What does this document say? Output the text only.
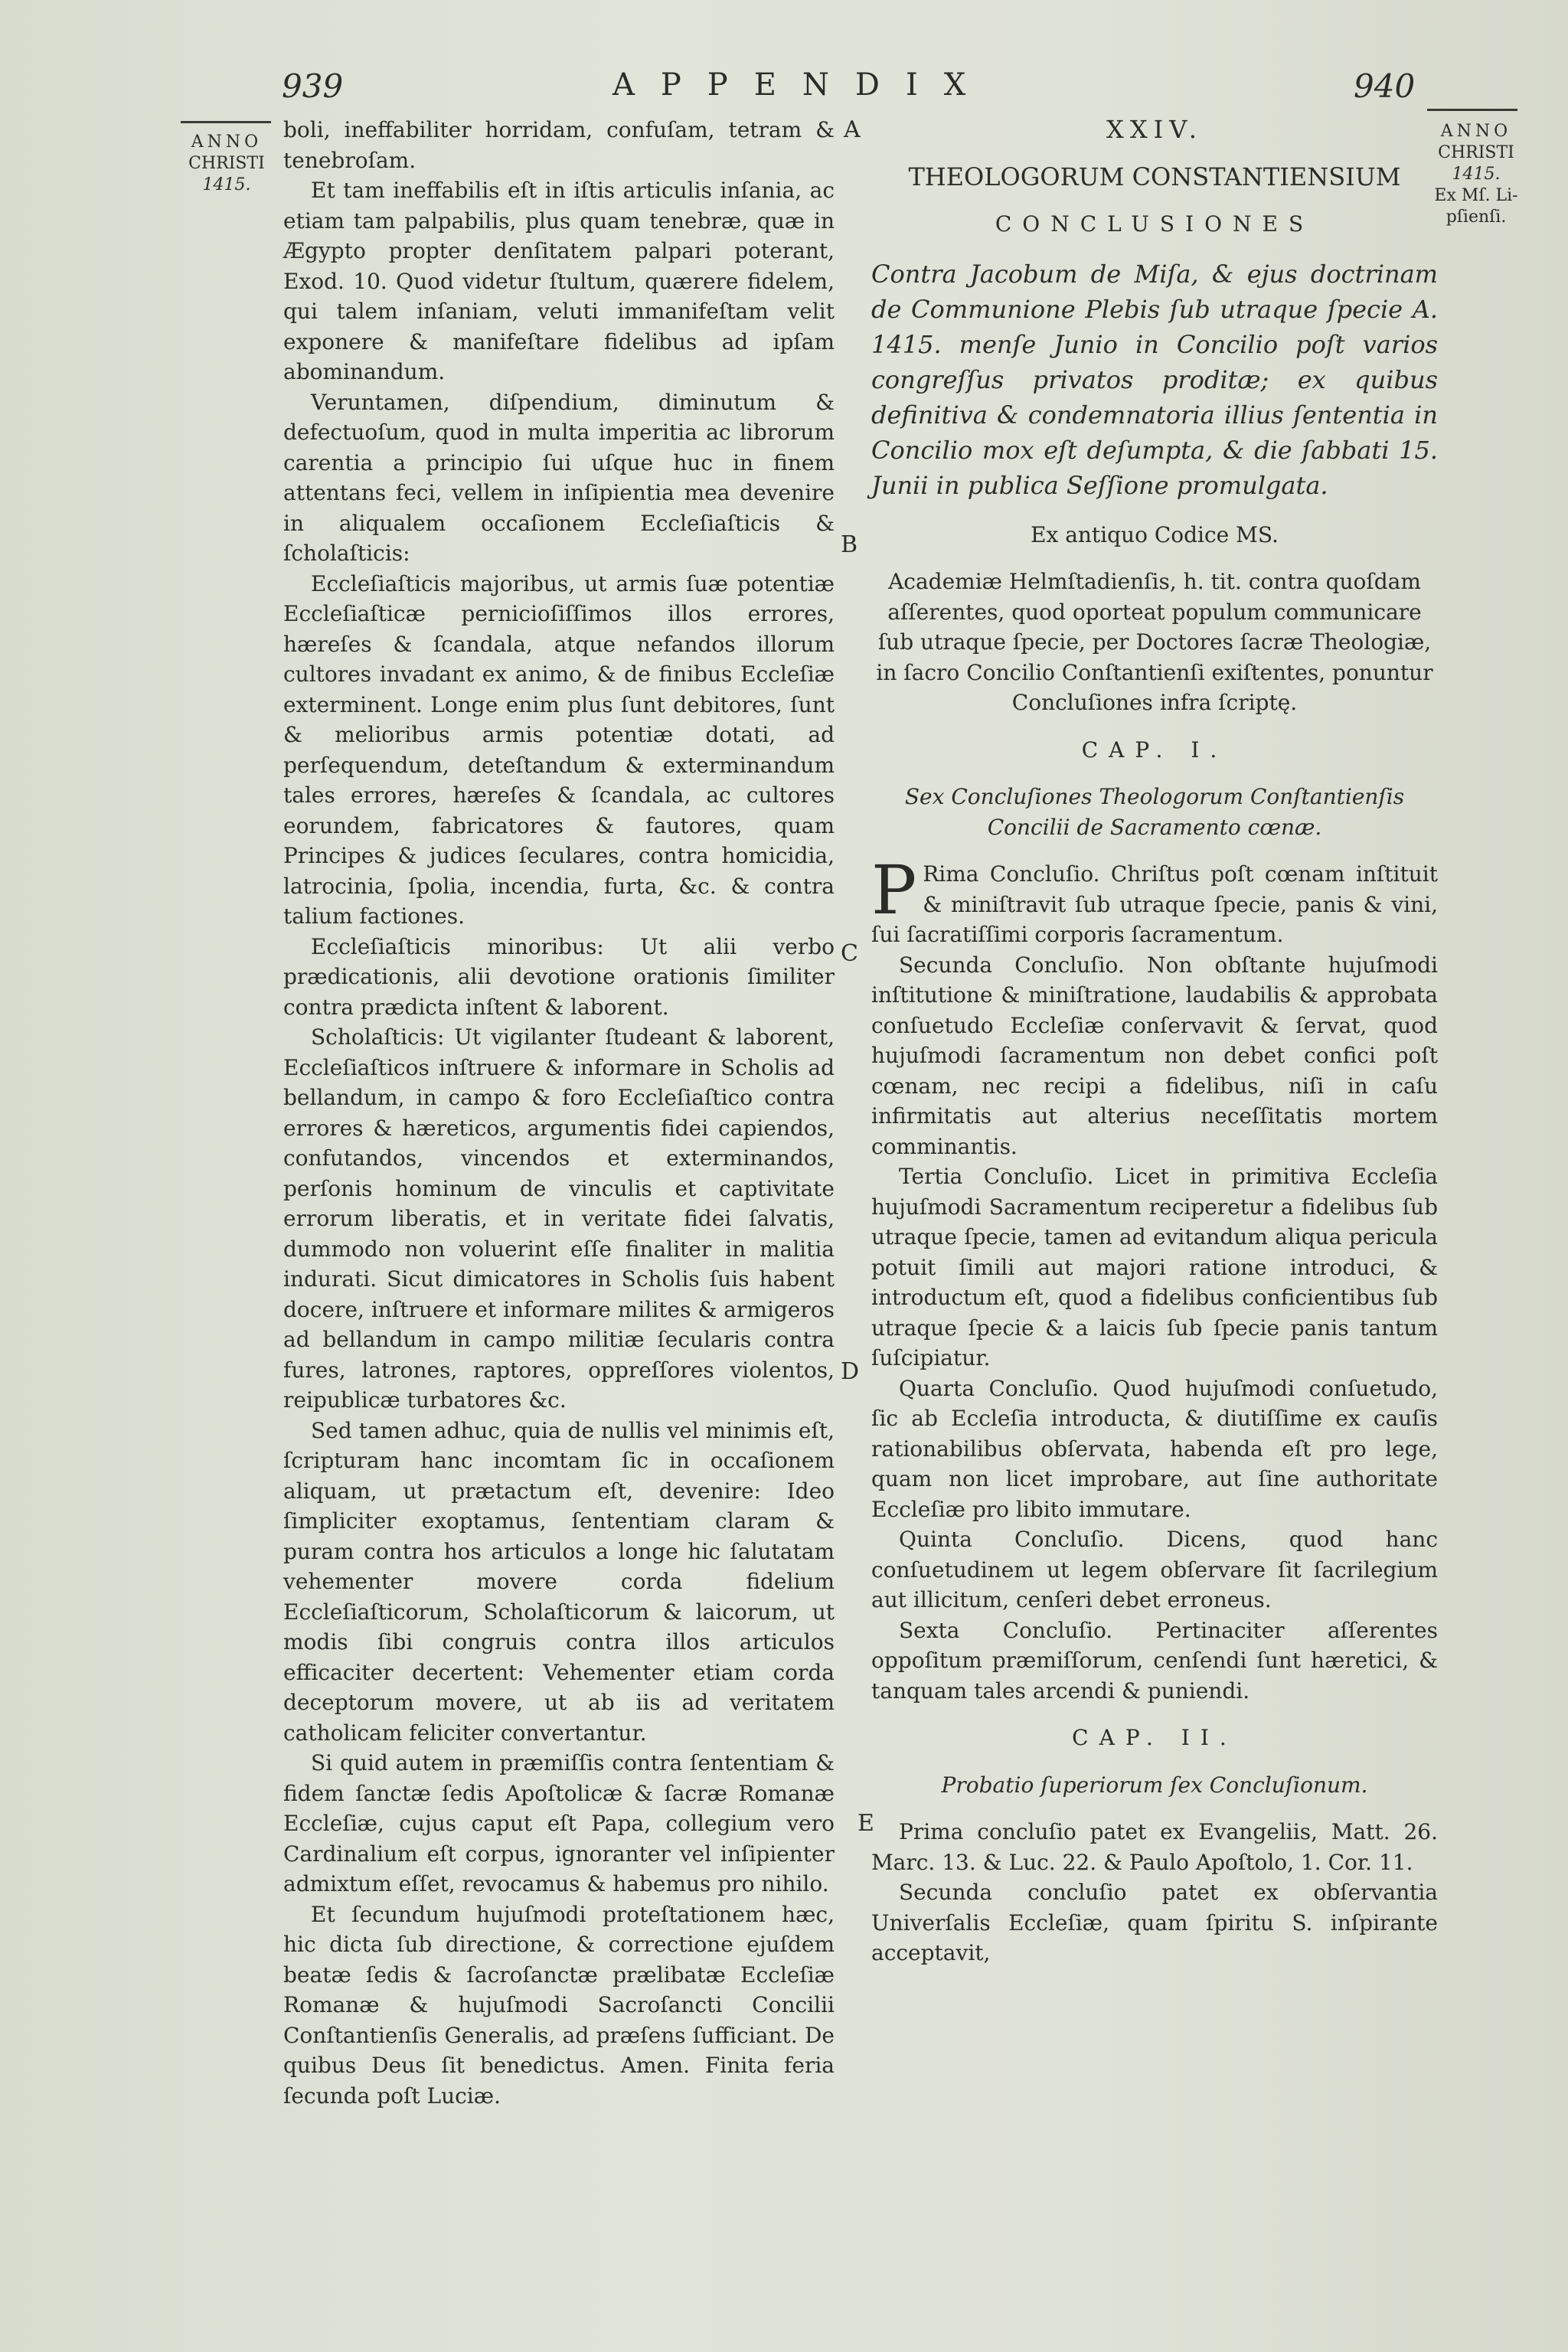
939	APPENDIX	940
ANNO
CHRISTI
1415.
ANNO
CHRISTI
1415.
Ex Mſ. Li-
pſienſi.
A
B
C
D
E

boli, ineffabiliter horridam, confuſam, tetram & tenebroſam.

Et tam ineffabilis eſt in iſtis articulis inſania, ac etiam tam palpabilis, plus quam tenebræ, quæ in Ægypto propter denſitatem palpari poterant, Exod. 10. Quod videtur ſtultum, quærere fidelem, qui talem inſaniam, veluti immanifeſtam velit exponere & manifeſtare fidelibus ad ipſam abominandum.

Veruntamen, diſpendium, diminutum & defectuoſum, quod in multa imperitia ac librorum carentia a principio ſui uſque huc in finem attentans feci, vellem in inſipientia mea devenire in aliqualem occaſionem Eccleſiaſticis & ſcholaſticis:

Eccleſiaſticis majoribus, ut armis ſuæ potentiæ Eccleſiaſticæ pernicioſiſſimos illos errores, hæreſes & ſcandala, atque nefandos illorum cultores invadant ex animo, & de finibus Eccleſiæ exterminent. Longe enim plus ſunt debitores, ſunt & melioribus armis potentiæ dotati, ad perſequendum, deteſtandum & exterminandum tales errores, hæreſes & ſcandala, ac cultores eorundem, fabricatores & fautores, quam Principes & judices ſeculares, contra homicidia, latrocinia, ſpolia, incendia, furta, &c. & contra talium factiones.

Eccleſiaſticis minoribus: Ut alii verbo prædicationis, alii devotione orationis ſimiliter contra prædicta inſtent & laborent.

Scholaſticis: Ut vigilanter ſtudeant & laborent, Eccleſiaſticos inſtruere & informare in Scholis ad bellandum, in campo & foro Eccleſiaſtico contra errores & hæreticos, argumentis fidei capiendos, confutandos, vincendos et exterminandos, perſonis hominum de vinculis et captivitate errorum liberatis, et in veritate fidei ſalvatis, dummodo non voluerint eſſe finaliter in malitia indurati. Sicut dimicatores in Scholis ſuis habent docere, inſtruere et informare milites & armigeros ad bellandum in campo militiæ ſecularis contra fures, latrones, raptores, oppreſſores violentos, reipublicæ turbatores &c.

Sed tamen adhuc, quia de nullis vel minimis eſt, ſcripturam hanc incomtam ſic in occaſionem aliquam, ut prætactum eſt, devenire: Ideo ſimpliciter exoptamus, ſententiam claram & puram contra hos articulos a longe hic ſalutatam vehementer movere corda fidelium Eccleſiaſticorum, Scholaſticorum & laicorum, ut modis ſibi congruis contra illos articulos efficaciter decertent: Vehementer etiam corda deceptorum movere, ut ab iis ad veritatem catholicam feliciter convertantur.

Si quid autem in præmiſſis contra ſententiam & fidem ſanctæ ſedis Apoſtolicæ & ſacræ Romanæ Eccleſiæ, cujus caput eſt Papa, collegium vero Cardinalium eſt corpus, ignoranter vel inſipienter admixtum eſſet, revocamus & habemus pro nihilo.

Et ſecundum hujuſmodi proteſtationem hæc, hic dicta ſub directione, & correctione ejuſdem beatæ ſedis & ſacroſanctæ prælibatæ Eccleſiæ Romanæ & hujuſmodi Sacroſancti Concilii Conſtantienſis Generalis, ad præſens ſufficiant. De quibus Deus ſit benedictus. Amen. Finita feria ſecunda poſt Luciæ.

XXIV.

THEOLOGORUM CONSTANTIENSIUM

CONCLUSIONES

Contra Jacobum de Miſa, & ejus doctrinam de Communione Plebis ſub utraque ſpecie A. 1415. menſe Junio in Concilio poſt varios congreſſus privatos proditæ; ex quibus definitiva & condemnatoria illius ſententia in Concilio mox eſt deſumpta, & die ſabbati 15. Junii in publica Seſſione promulgata.

Ex antiquo Codice MS.

Academiæ Helmſtadienſis, h. tit. contra quoſdam aſſerentes, quod oporteat populum communicare ſub utraque ſpecie, per Doctores ſacræ Theologiæ, in ſacro Concilio Conſtantienſi exiſtentes, ponuntur Concluſiones infra ſcriptę.

CAP. I.

Sex Concluſiones Theologorum Conſtantienſis Concilii de Sacramento cœnæ.

P Rima Concluſio. Chriſtus poſt cœnam inſtituit & miniſtravit ſub utraque ſpecie, panis & vini, ſui ſacratiſſimi corporis ſacramentum.

Secunda Concluſio. Non obſtante hujuſmodi inſtitutione & miniſtratione, laudabilis & approbata conſuetudo Eccleſiæ conſervavit & ſervat, quod hujuſmodi ſacramentum non debet confici poſt cœnam, nec recipi a fidelibus, niſi in caſu infirmitatis aut alterius neceſſitatis mortem comminantis.

Tertia Concluſio. Licet in primitiva Eccleſia hujuſmodi Sacramentum reciperetur a fidelibus ſub utraque ſpecie, tamen ad evitandum aliqua pericula potuit ſimili aut majori ratione introduci, & introductum eſt, quod a fidelibus conficientibus ſub utraque ſpecie & a laicis ſub ſpecie panis tantum ſuſcipiatur.

Quarta Concluſio. Quod hujuſmodi conſuetudo, ſic ab Eccleſia introducta, & diutiſſime ex cauſis rationabilibus obſervata, habenda eſt pro lege, quam non licet improbare, aut ſine authoritate Eccleſiæ pro libito immutare.

Quinta Concluſio. Dicens, quod hanc conſuetudinem ut legem obſervare ſit ſacrilegium aut illicitum, cenſeri debet erroneus.

Sexta Concluſio. Pertinaciter aſſerentes oppoſitum præmiſſorum, cenſendi ſunt hæretici, & tanquam tales arcendi & puniendi.

CAP. II.

Probatio ſuperiorum ſex Concluſionum.

Prima concluſio patet ex Evangeliis, Matt. 26. Marc. 13. & Luc. 22. & Paulo Apoſtolo, 1. Cor. 11.

Secunda concluſio patet ex obſervantia Univerſalis Eccleſiæ, quam ſpiritu S. inſpirante acceptavit,
